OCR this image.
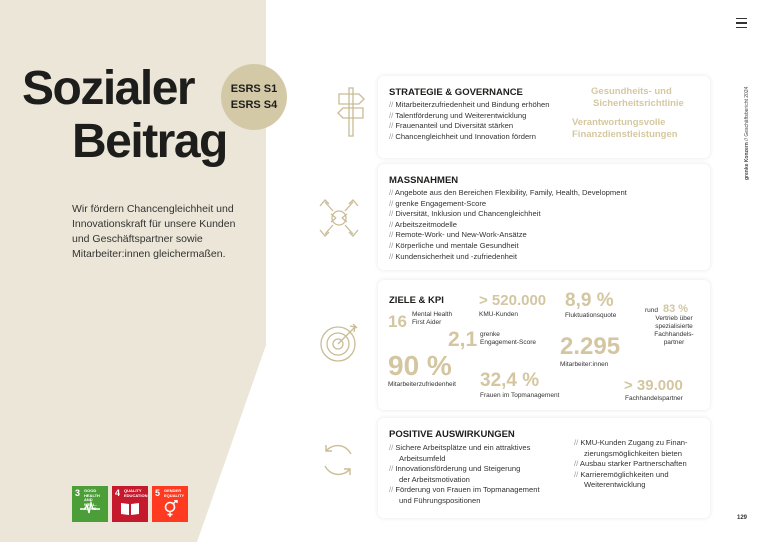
Sozialer
Beitrag
ESRS S1
ESRS S4
Wir fördern Chancengleichheit und Innovationskraft für unsere Kunden und Geschäftspartner sowie Mitarbeiter:innen gleichermaßen.
3 GOOD HEALTH AND WELL-BEING
4 QUALITY EDUCATION 5 GENDER EQUALITY
grenke Konzern // Geschäftsbericht 2024
129
STRATEGIE & GOVERNANCE
// Mitarbeiterzufriedenheit und Bindung erhöhen
// Talentförderung und Weiterentwicklung
// Frauenanteil und Diversität stärken
// Chancengleichheit und Innovation fördern
Gesundheits- und
Sicherheitsrichtlinie
Verantwortungsvolle
Finanzdienstleistungen
MASSNAHMEN
// Angebote aus den Bereichen Flexibility, Family, Health, Development
// grenke Engagement-Score
// Diversität, Inklusion und Chancengleichheit
// Arbeitszeitmodelle
// Remote-Work- und New-Work-Ansätze
// Körperliche und mentale Gesundheit
// Kundensicherheit und -zufriedenheit
ZIELE & KPI
16 Mental Health
First Aider
> 520.000
KMU-Kunden
8,9 %
Fluktuationsquote
rund 83 %
Vertrieb über
spezialisierte
Fachhandels-
partner
2,1 grenke
Engagement-Score 2.295
Mitarbeiter:innen
90 %
Mitarbeiterzufriedenheit 32,4 %
Frauen im Topmanagement
> 39.000
Fachhandelspartner
POSITIVE AUSWIRKUNGEN
// Sichere Arbeitsplätze und ein attraktives
Arbeitsumfeld
// Innovationsförderung und Steigerung
der Arbeitsmotivation
// Förderung von Frauen im Topmanagement
und Führungspositionen
// KMU-Kunden Zugang zu Finan-
zierungsmöglichkeiten bieten
// Ausbau starker Partnerschaften
// Karrieremöglichkeiten und
Weiterentwicklung
